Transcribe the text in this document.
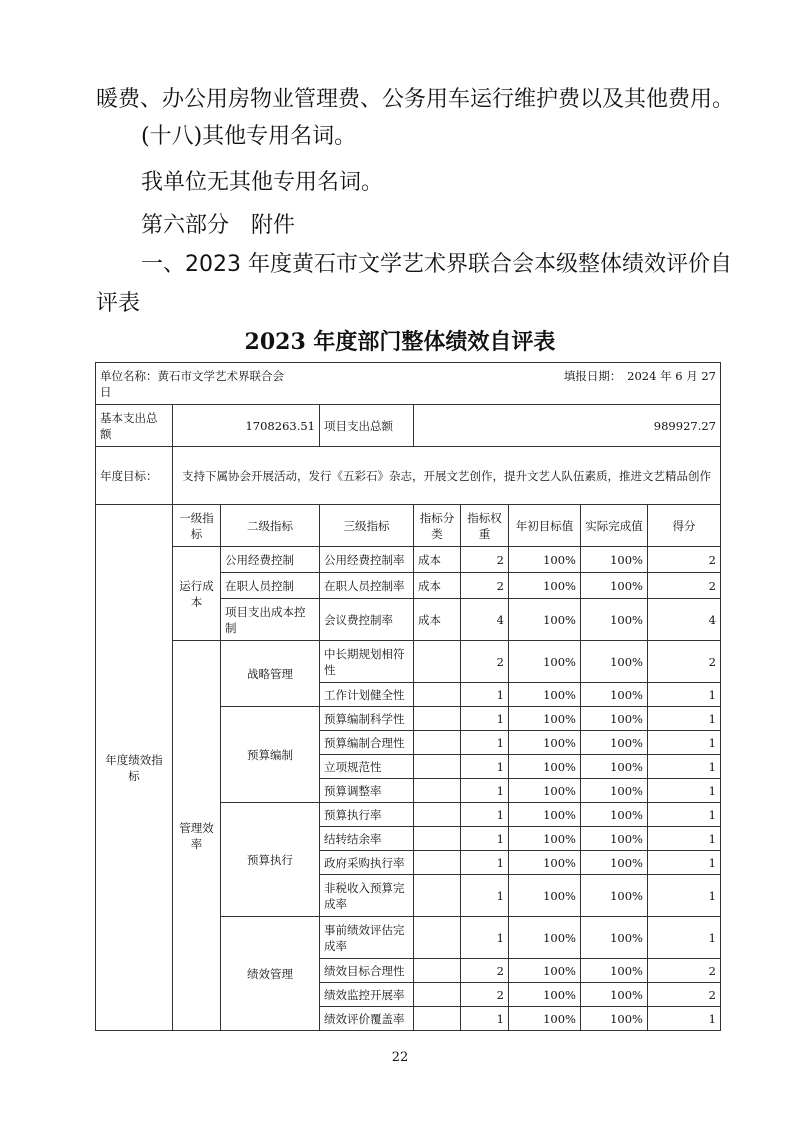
暖费、办公用房物业管理费、公务用车运行维护费以及其他费用。
(十八)其他专用名词。
我单位无其他专用名词。
第六部分　附件
一、2023 年度黄石市文学艺术界联合会本级整体绩效评价自
评表
2023 年度部门整体绩效自评表
单位名称：黄石市文学艺术界联合会 填报日期：　2024 年 6 月 27
日								

基本支出总额	1708263.51		项目支出总额	989927.27				
年度目标：	支持下属协会开展活动，发行《五彩石》杂志，开展文艺创作，提升文艺人队伍素质，推进文艺精品创作							
年度绩效指标	一级指标	二级指标	三级指标	指标分类	指标权重	年初目标值	实际完成值	得分
	运行成本	公用经费控制	公用经费控制率	成本	2	100%	100%	2
		在职人员控制	在职人员控制率	成本	2	100%	100%	2
		项目支出成本控制	会议费控制率	成本	4	100%	100%	4
	管理效率	战略管理	中长期规划相符性		2	100%	100%	2
			工作计划健全性		1	100%	100%	1
		预算编制	预算编制科学性		1	100%	100%	1
			预算编制合理性		1	100%	100%	1
			立项规范性		1	100%	100%	1
			预算调整率		1	100%	100%	1
		预算执行	预算执行率		1	100%	100%	1
			结转结余率		1	100%	100%	1
			政府采购执行率		1	100%	100%	1
			非税收入预算完成率		1	100%	100%	1
		绩效管理	事前绩效评估完成率		1	100%	100%	1
			绩效目标合理性		2	100%	100%	2
			绩效监控开展率		2	100%	100%	2
			绩效评价覆盖率		1	100%	100%	1
22
